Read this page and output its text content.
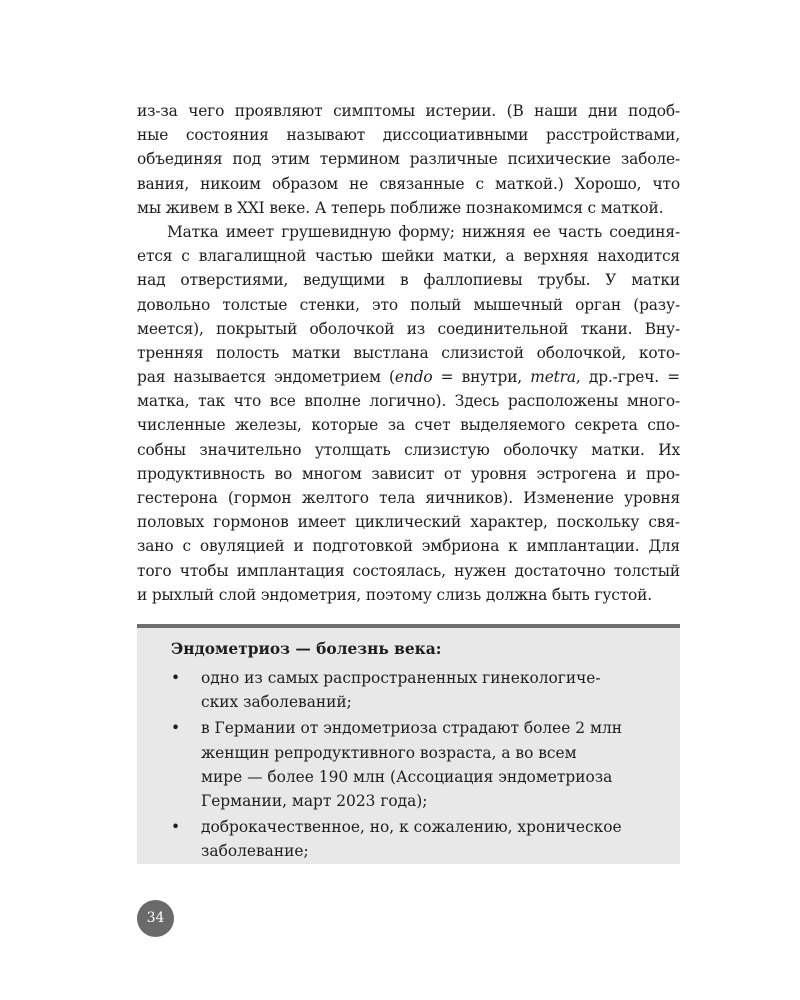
из-за чего проявляют симптомы истерии. (В наши дни подоб-
ные состояния называют диссоциативными расстройствами,
объединяя под этим термином различные психические заболе-
вания, никоим образом не связанные с маткой.) Хорошо, что
мы живем в XXI веке. А теперь поближе познакомимся с маткой.
Матка имеет грушевидную форму; нижняя ее часть соединя-
ется с влагалищной частью шейки матки, а верхняя находится
над отверстиями, ведущими в фаллопиевы трубы. У матки
довольно толстые стенки, это полый мышечный орган (разу-
меется), покрытый оболочкой из соединительной ткани. Вну-
тренняя полость матки выстлана слизистой оболочкой, кото-
рая называется эндометрием (endo = внутри, metra, др.-греч. =
матка, так что все вполне логично). Здесь расположены много-
численные железы, которые за счет выделяемого секрета спо-
собны значительно утолщать слизистую оболочку матки. Их
продуктивность во многом зависит от уровня эстрогена и про-
гестерона (гормон желтого тела яичников). Изменение уровня
половых гормонов имеет циклический характер, поскольку свя-
зано с овуляцией и подготовкой эмбриона к имплантации. Для
того чтобы имплантация состоялась, нужен достаточно толстый
и рыхлый слой эндометрия, поэтому слизь должна быть густой.
Эндометриоз — болезнь века:
•	одно из самых распространенных гинекологиче-
ских заболеваний;
•	в Германии от эндометриоза страдают более 2 млн
женщин репродуктивного возраста, а во всем
мире — более 190 млн (Ассоциация эндометриоза
Германии, март 2023 года);
•	доброкачественное, но, к сожалению, хроническое
заболевание;
34
